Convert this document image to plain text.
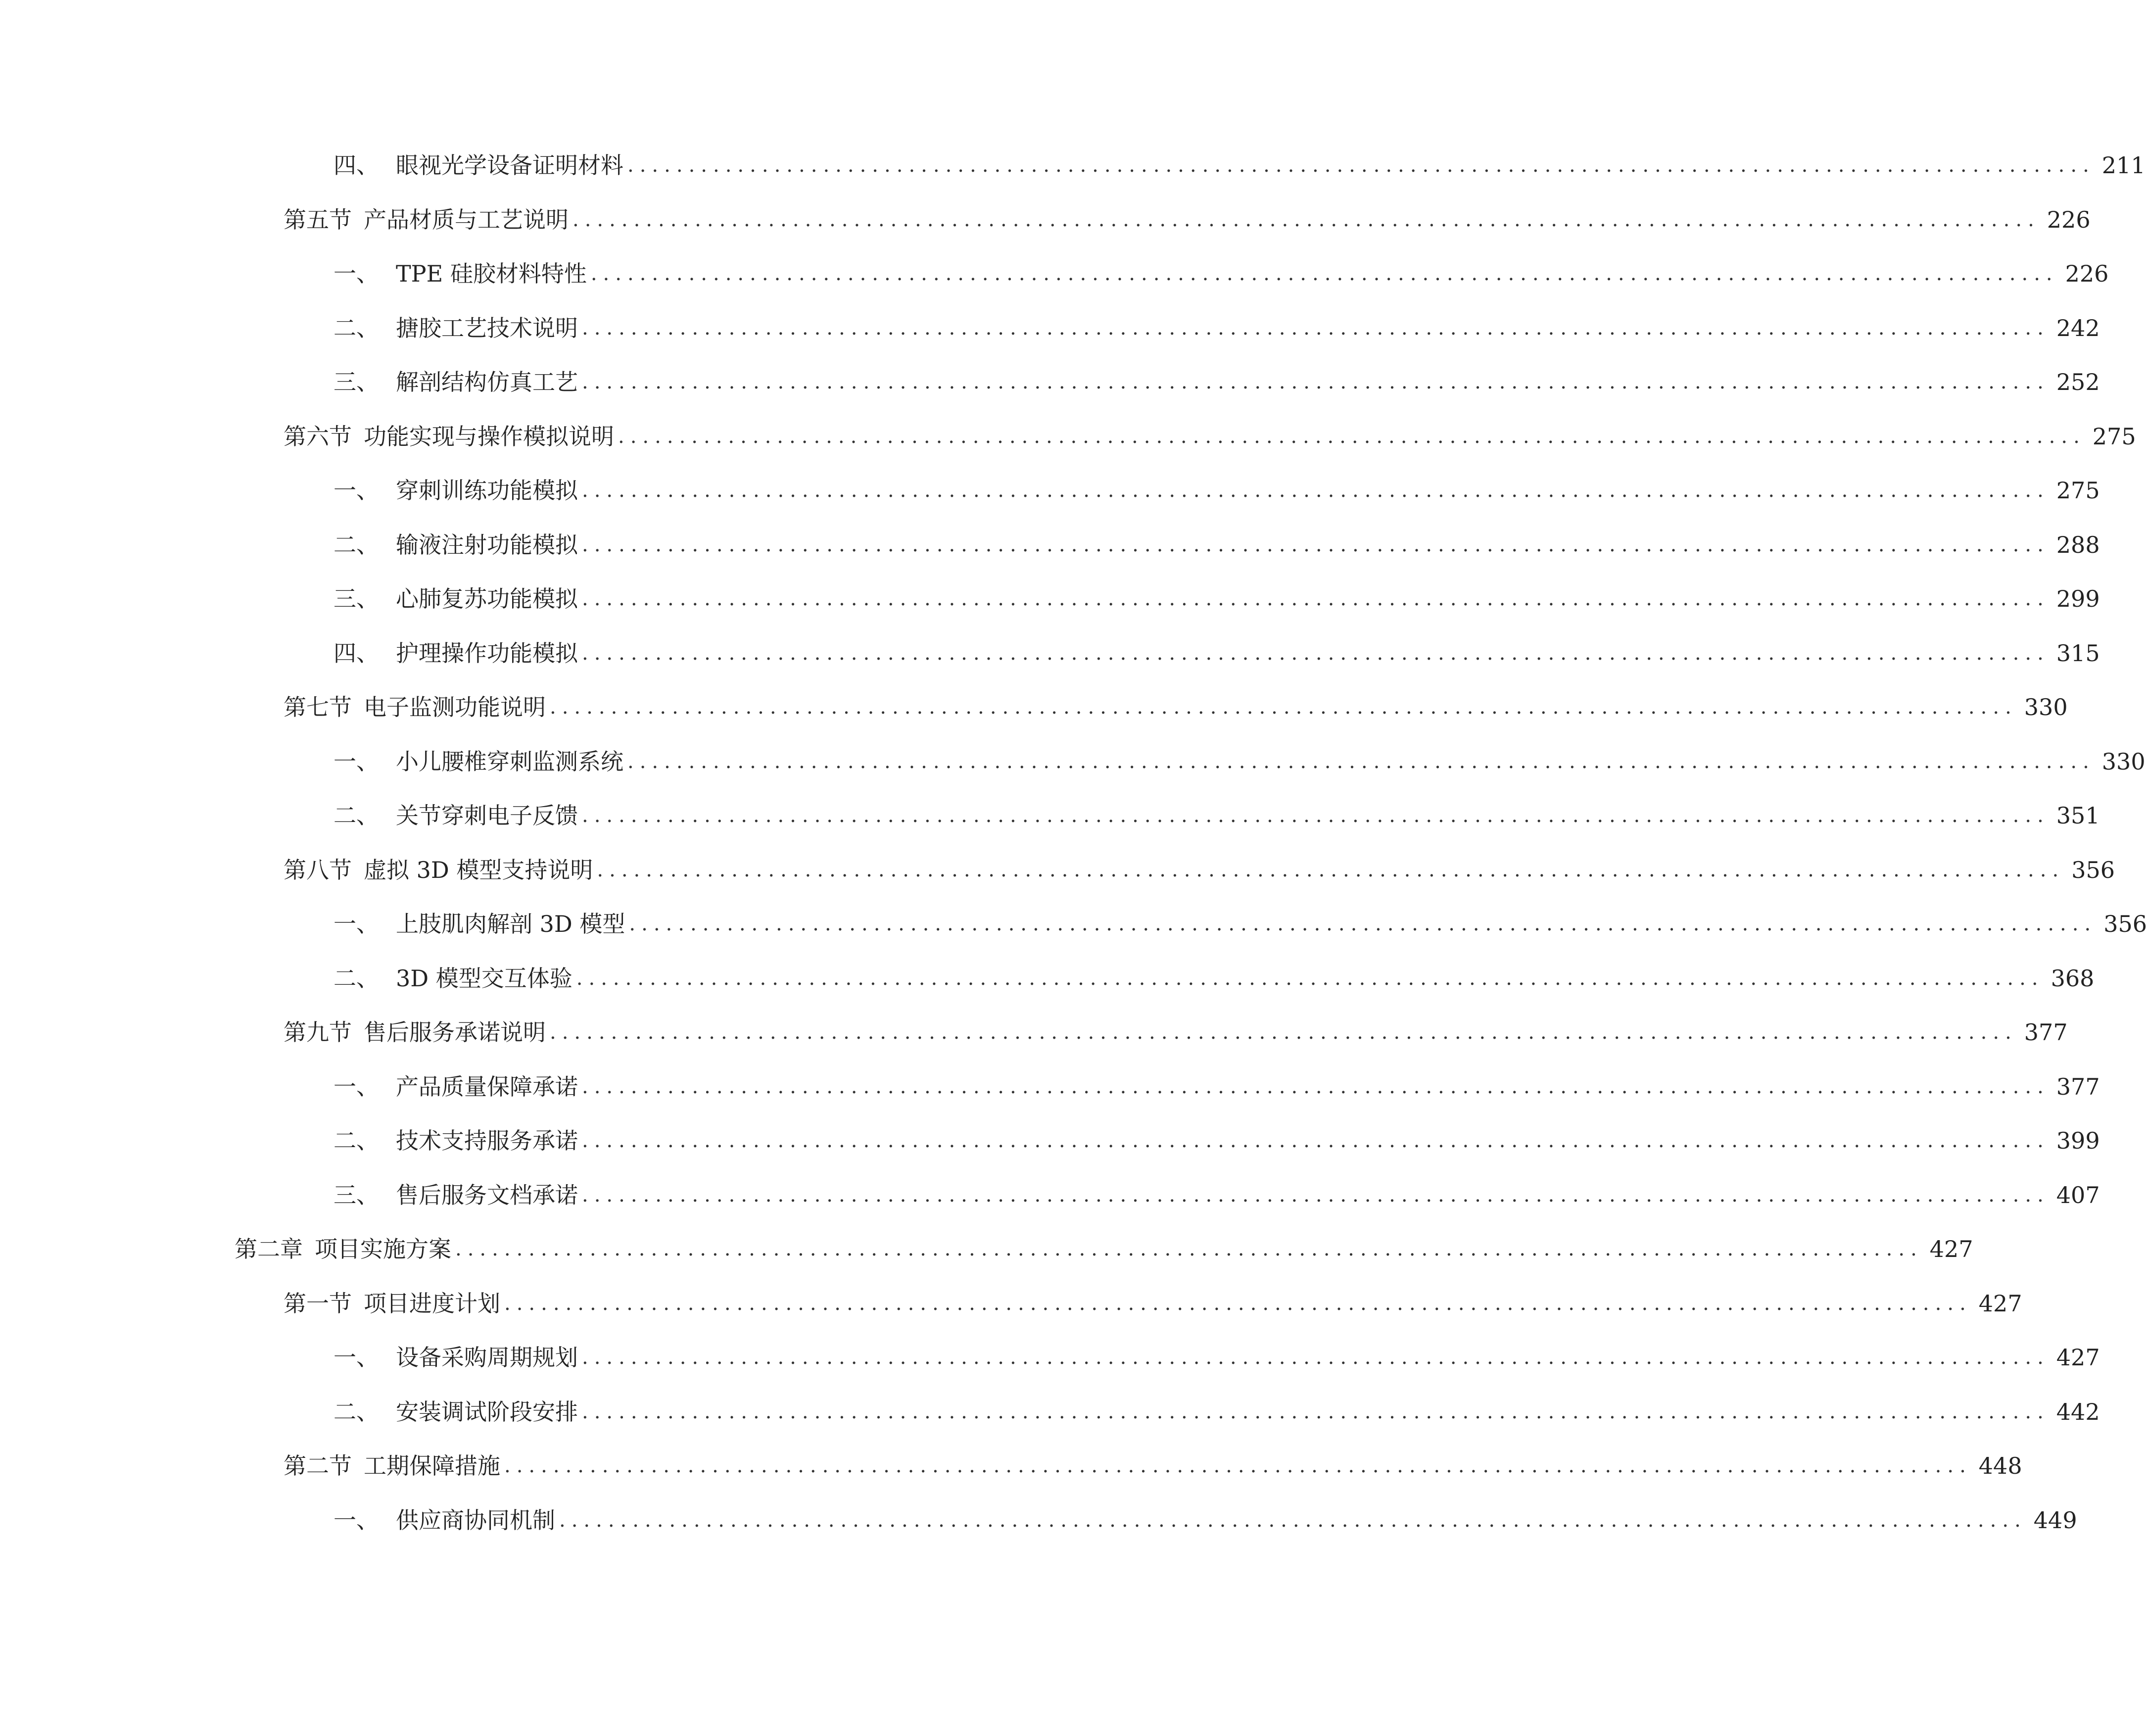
四、 眼视光学设备证明材料 ........................................................................................................................ 211
第五节 产品材质与工艺说明 ........................................................................................................................ 226
一、 TPE 硅胶材料特性 ........................................................................................................................ 226
二、 搪胶工艺技术说明 ........................................................................................................................ 242
三、 解剖结构仿真工艺 ........................................................................................................................ 252
第六节 功能实现与操作模拟说明 ........................................................................................................................ 275
一、 穿刺训练功能模拟 ........................................................................................................................ 275
二、 输液注射功能模拟 ........................................................................................................................ 288
三、 心肺复苏功能模拟 ........................................................................................................................ 299
四、 护理操作功能模拟 ........................................................................................................................ 315
第七节 电子监测功能说明 ........................................................................................................................ 330
一、 小儿腰椎穿刺监测系统 ........................................................................................................................ 330
二、 关节穿刺电子反馈 ........................................................................................................................ 351
第八节 虚拟 3D 模型支持说明 ........................................................................................................................ 356
一、 上肢肌肉解剖 3D 模型 ........................................................................................................................ 356
二、 3D 模型交互体验 ........................................................................................................................ 368
第九节 售后服务承诺说明 ........................................................................................................................ 377
一、 产品质量保障承诺 ........................................................................................................................ 377
二、 技术支持服务承诺 ........................................................................................................................ 399
三、 售后服务文档承诺 ........................................................................................................................ 407
第二章 项目实施方案 ........................................................................................................................ 427
第一节 项目进度计划 ........................................................................................................................ 427
一、 设备采购周期规划 ........................................................................................................................ 427
二、 安装调试阶段安排 ........................................................................................................................ 442
第二节 工期保障措施 ........................................................................................................................ 448
一、 供应商协同机制 ........................................................................................................................ 449
